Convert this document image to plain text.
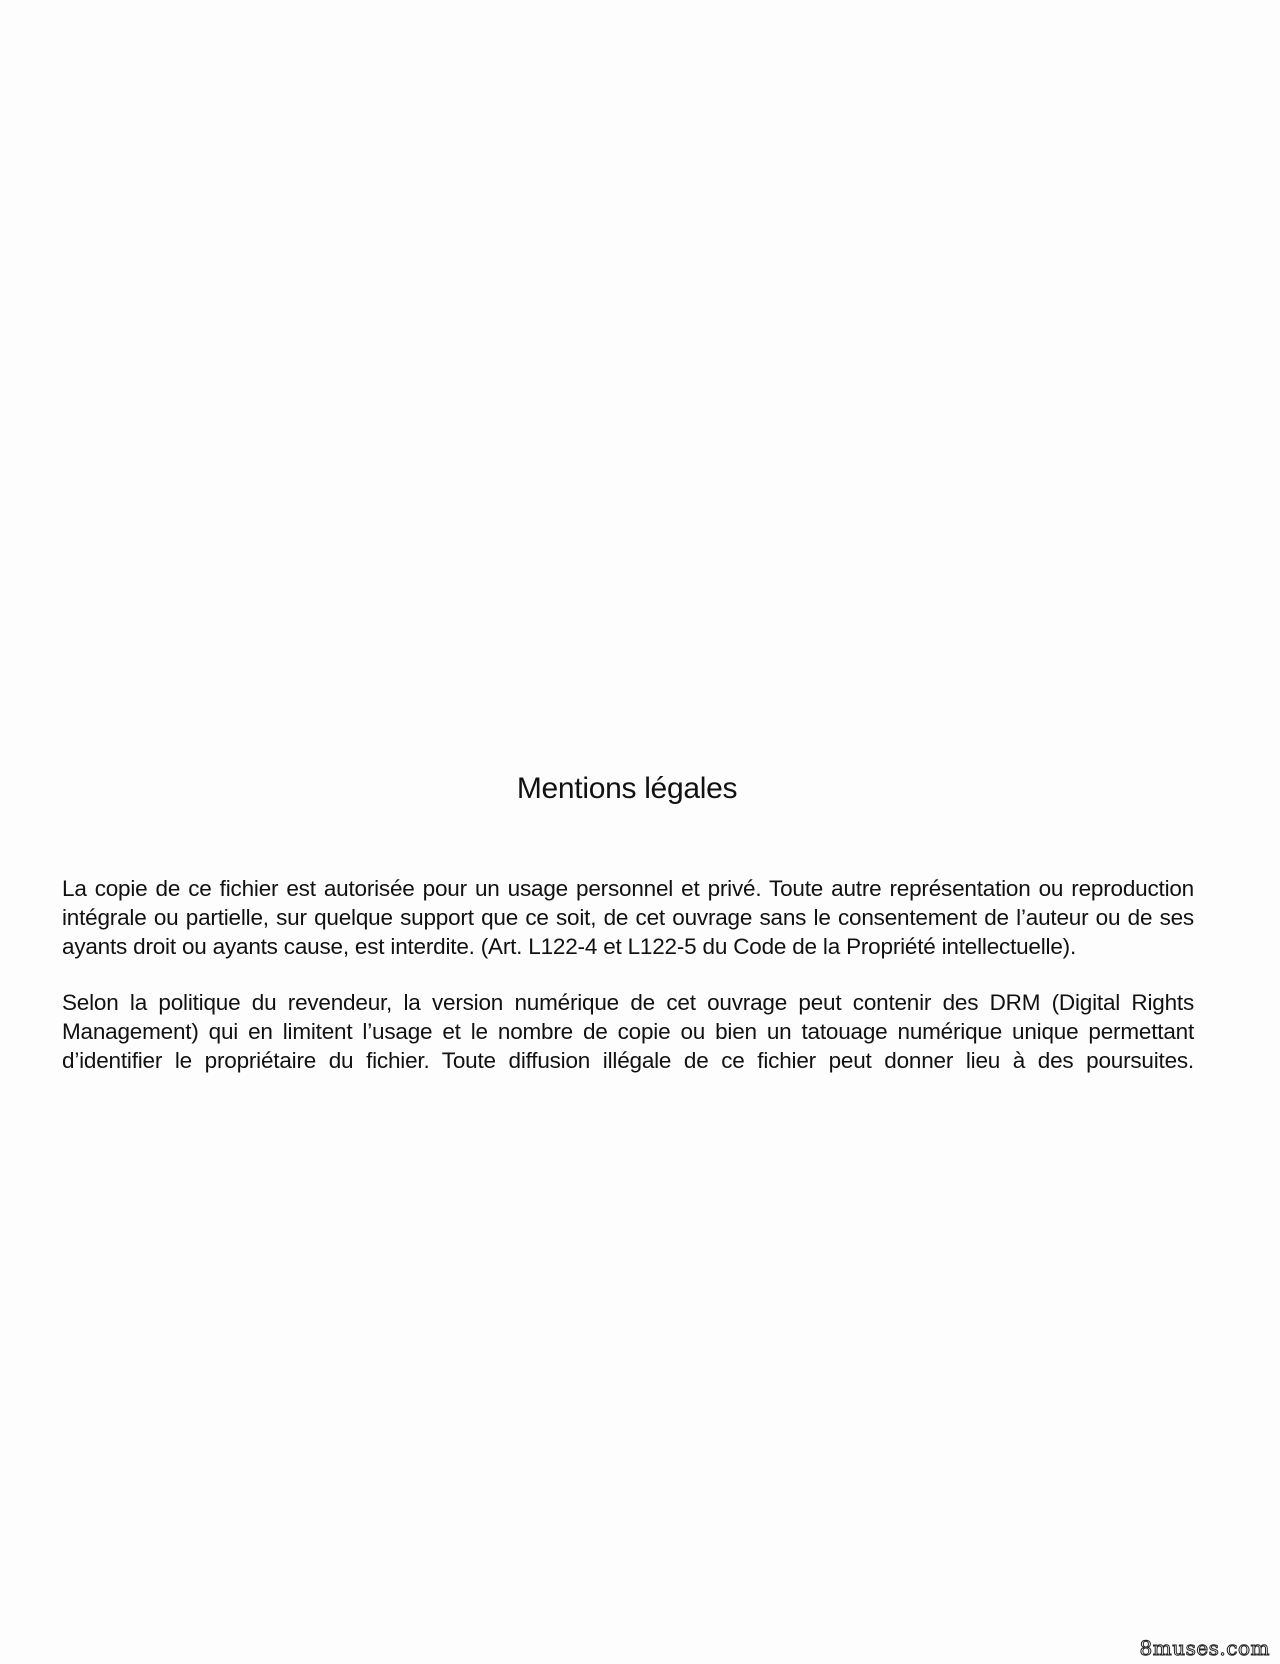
Mentions légales

La copie de ce fichier est autorisée pour un usage personnel et privé. Toute autre représentation ou reproduction intégrale ou partielle, sur quelque support que ce soit, de cet ouvrage sans le consentement de l’auteur ou de ses ayants droit ou ayants cause, est interdite. (Art. L122-4 et L122-5 du Code de la Propriété intellectuelle).

Selon la politique du revendeur, la version numérique de cet ouvrage peut contenir des DRM (Digital Rights Management) qui en limitent l’usage et le nombre de copie ou bien un tatouage numérique unique permettant d’identifier le propriétaire du fichier. Toute diffusion illégale de ce fichier peut donner lieu à des poursuites.

8muses.com
